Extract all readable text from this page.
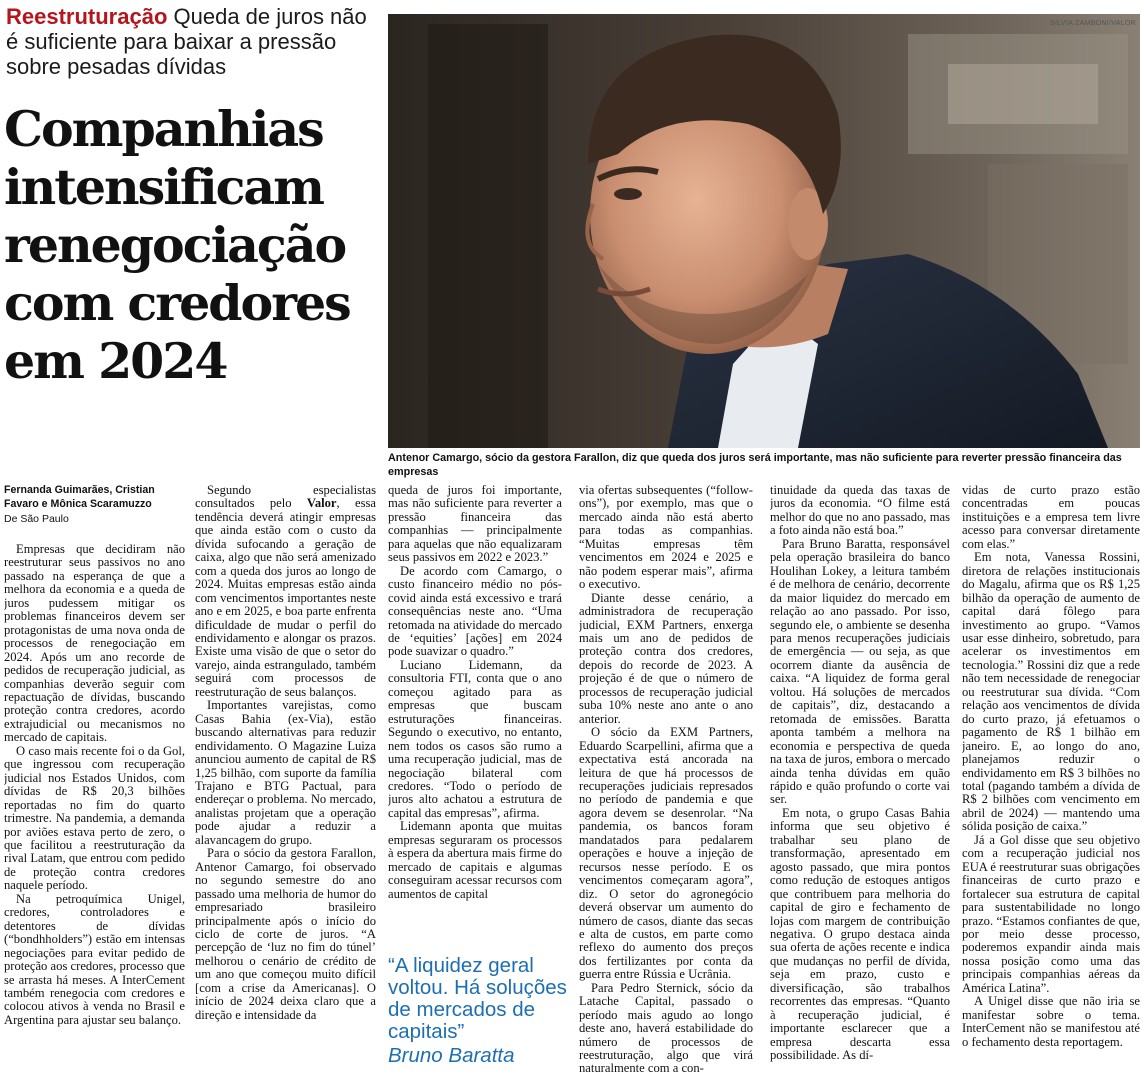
Reestruturação Queda de juros não é suficiente para baixar a pressão sobre pesadas dívidas
Companhias intensificam renegociação com credores em 2024
SILVIA ZAMBONI/VALOR
Antenor Camargo, sócio da gestora Farallon, diz que queda dos juros será importante, mas não suficiente para reverter pressão financeira das empresas
Fernanda Guimarães, Cristian Favaro e Mônica Scaramuzzo
De São Paulo

Empresas que decidiram não reestruturar seus passivos no ano passado na esperança de que a melhora da economia e a queda de juros pudessem mitigar os problemas financeiros devem ser protagonistas de uma nova onda de processos de renegociação em 2024. Após um ano recorde de pedidos de recuperação judicial, as companhias deverão seguir com repactuação de dívidas, buscando proteção contra credores, acordo extrajudicial ou mecanismos no mercado de capitais.

O caso mais recente foi o da Gol, que ingressou com recuperação judicial nos Estados Unidos, com dívidas de R$ 20,3 bilhões reportadas no fim do quarto trimestre. Na pandemia, a demanda por aviões estava perto de zero, o que facilitou a reestruturação da rival Latam, que entrou com pedido de proteção contra credores naquele período.

Na petroquímica Unigel, credores, controladores e detentores de dívidas (“bondhholders”) estão em intensas negociações para evitar pedido de proteção aos credores, processo que se arrasta há meses. A InterCement também renegocia com credores e colocou ativos à venda no Brasil e Argentina para ajustar seu balanço.

Segundo especialistas consultados pelo Valor, essa tendência deverá atingir empresas que ainda estão com o custo da dívida sufocando a geração de caixa, algo que não será amenizado com a queda dos juros ao longo de 2024. Muitas empresas estão ainda com vencimentos importantes neste ano e em 2025, e boa parte enfrenta dificuldade de mudar o perfil do endividamento e alongar os prazos. Existe uma visão de que o setor do varejo, ainda estrangulado, também seguirá com processos de reestruturação de seus balanços.

Importantes varejistas, como Casas Bahia (ex-Via), estão buscando alternativas para reduzir endividamento. O Magazine Luiza anunciou aumento de capital de R$ 1,25 bilhão, com suporte da família Trajano e BTG Pactual, para endereçar o problema. No mercado, analistas projetam que a operação pode ajudar a reduzir a alavancagem do grupo.

Para o sócio da gestora Farallon, Antenor Camargo, foi observado no segundo semestre do ano passado uma melhoria de humor do empresariado brasileiro principalmente após o início do ciclo de corte de juros. “A percepção de ‘luz no fim do túnel’ melhorou o cenário de crédito de um ano que começou muito difícil [com a crise da Americanas]. O início de 2024 deixa claro que a direção e intensidade da

queda de juros foi importante, mas não suficiente para reverter a pressão financeira das companhias — principalmente para aquelas que não equalizaram seus passivos em 2022 e 2023.”

De acordo com Camargo, o custo financeiro médio no pós-covid ainda está excessivo e trará consequências neste ano. “Uma retomada na atividade do mercado de ‘equities’ [ações] em 2024 pode suavizar o quadro.”

Luciano Lidemann, da consultoria FTI, conta que o ano começou agitado para as empresas que buscam estruturações financeiras. Segundo o executivo, no entanto, nem todos os casos são rumo a uma recuperação judicial, mas de negociação bilateral com credores. “Todo o período de juros alto achatou a estrutura de capital das empresas”, afirma.

Lidemann aponta que muitas empresas seguraram os processos à espera da abertura mais firme do mercado de capitais e algumas conseguiram acessar recursos com aumentos de capital

“A liquidez geral voltou. Há soluções de mercados de capitais”
Bruno Baratta

via ofertas subsequentes (“follow-ons”), por exemplo, mas que o mercado ainda não está aberto para todas as companhias. “Muitas empresas têm vencimentos em 2024 e 2025 e não podem esperar mais”, afirma o executivo.

Diante desse cenário, a administradora de recuperação judicial, EXM Partners, enxerga mais um ano de pedidos de proteção contra dos credores, depois do recorde de 2023. A projeção é de que o número de processos de recuperação judicial suba 10% neste ano ante o ano anterior.

O sócio da EXM Partners, Eduardo Scarpellini, afirma que a expectativa está ancorada na leitura de que há processos de recuperações judiciais represados no período de pandemia e que agora devem se desenrolar. “Na pandemia, os bancos foram mandatados para pedalarem operações e houve a injeção de recursos nesse período. E os vencimentos começaram agora”, diz. O setor do agronegócio deverá observar um aumento do número de casos, diante das secas e alta de custos, em parte como reflexo do aumento dos preços dos fertilizantes por conta da guerra entre Rússia e Ucrânia.

Para Pedro Sternick, sócio da Latache Capital, passado o período mais agudo ao longo deste ano, haverá estabilidade do número de processos de reestruturação, algo que virá naturalmente com a con-

tinuidade da queda das taxas de juros da economia. “O filme está melhor do que no ano passado, mas a foto ainda não está boa.”

Para Bruno Baratta, responsável pela operação brasileira do banco Houlihan Lokey, a leitura também é de melhora de cenário, decorrente da maior liquidez do mercado em relação ao ano passado. Por isso, segundo ele, o ambiente se desenha para menos recuperações judiciais de emergência — ou seja, as que ocorrem diante da ausência de caixa. “A liquidez de forma geral voltou. Há soluções de mercados de capitais”, diz, destacando a retomada de emissões. Baratta aponta também a melhora na economia e perspectiva de queda na taxa de juros, embora o mercado ainda tenha dúvidas em quão rápido e quão profundo o corte vai ser.

Em nota, o grupo Casas Bahia informa que seu objetivo é trabalhar seu plano de transformação, apresentado em agosto passado, que mira pontos como redução de estoques antigos que contribuem para melhoria do capital de giro e fechamento de lojas com margem de contribuição negativa. O grupo destaca ainda sua oferta de ações recente e indica que mudanças no perfil de dívida, seja em prazo, custo e diversificação, são trabalhos recorrentes das empresas. “Quanto à recuperação judicial, é importante esclarecer que a empresa descarta essa possibilidade. As dí-

vidas de curto prazo estão concentradas em poucas instituições e a empresa tem livre acesso para conversar diretamente com elas.”

Em nota, Vanessa Rossini, diretora de relações institucionais do Magalu, afirma que os R$ 1,25 bilhão da operação de aumento de capital dará fôlego para investimento ao grupo. “Vamos usar esse dinheiro, sobretudo, para acelerar os investimentos em tecnologia.” Rossini diz que a rede não tem necessidade de renegociar ou reestruturar sua dívida. “Com relação aos vencimentos de dívida do curto prazo, já efetuamos o pagamento de R$ 1 bilhão em janeiro. E, ao longo do ano, planejamos reduzir o endividamento em R$ 3 bilhões no total (pagando também a dívida de R$ 2 bilhões com vencimento em abril de 2024) — mantendo uma sólida posição de caixa.”

Já a Gol disse que seu objetivo com a recuperação judicial nos EUA é reestruturar suas obrigações financeiras de curto prazo e fortalecer sua estrutura de capital para sustentabilidade no longo prazo. “Estamos confiantes de que, por meio desse processo, poderemos expandir ainda mais nossa posição como uma das principais companhias aéreas da América Latina”.

A Unigel disse que não iria se manifestar sobre o tema. InterCement não se manifestou até o fechamento desta reportagem.
